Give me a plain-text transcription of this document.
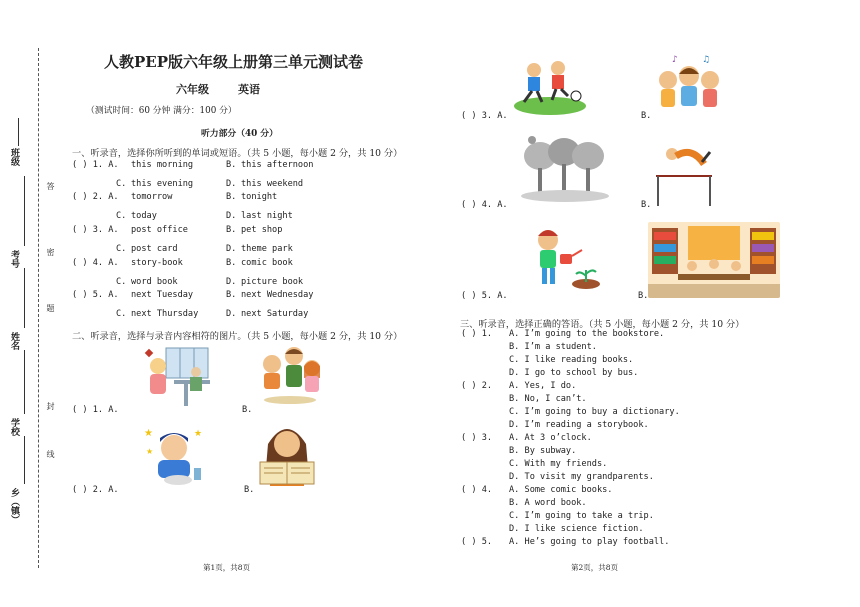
班级
考号
姓名
学校
乡（镇）
答
密
题
封
线
人教PEP版六年级上册第三单元测试卷
六年级	英语
（测试时间：60 分钟 满分：100 分）
听力部分（40 分）
一、听录音，选择你所听到的单词或短语。（共 5 小题，每小题 2 分，共 10 分）
( ) 1. A. this morning	B. this afternoon
C. this evening	D. this weekend
( ) 2. A. tomorrow	B. tonight
C. today	D. last night
( ) 3. A. post office	B. pet shop
C. post card	D. theme park
( ) 4. A. story-book	B. comic book
C. word book	D. picture book
( ) 5. A. next Tuesday	B. next Wednesday
C. next Thursday	D. next Saturday
二、听录音，选择与录音内容相符的图片。（共 5 小题，每小题 2 分，共 10 分）
( ) 1. A.	B.
( ) 2. A.	B.
★	★
★
( ) 3. A.	B.
( ) 4. A.	B.
( ) 5. A.	B.
♪	♫
三、听录音，选择正确的答语。（共 5 小题，每小题 2 分，共 10 分）
( ) 1. A. I’m going to the bookstore.
B. I’m a student.
C. I like reading books.
D. I go to school by bus.
( ) 2. A. Yes, I do.
B. No, I can’t.
C. I’m going to buy a dictionary.
D. I’m reading a storybook.
( ) 3. A. At 3 o’clock.
B. By subway.
C. With my friends.
D. To visit my grandparents.
( ) 4. A. Some comic books.
B. A word book.
C. I’m going to take a trip.
D. I like science fiction.
( ) 5. A. He’s going to play football.
第1页，共8页	第2页，共8页
